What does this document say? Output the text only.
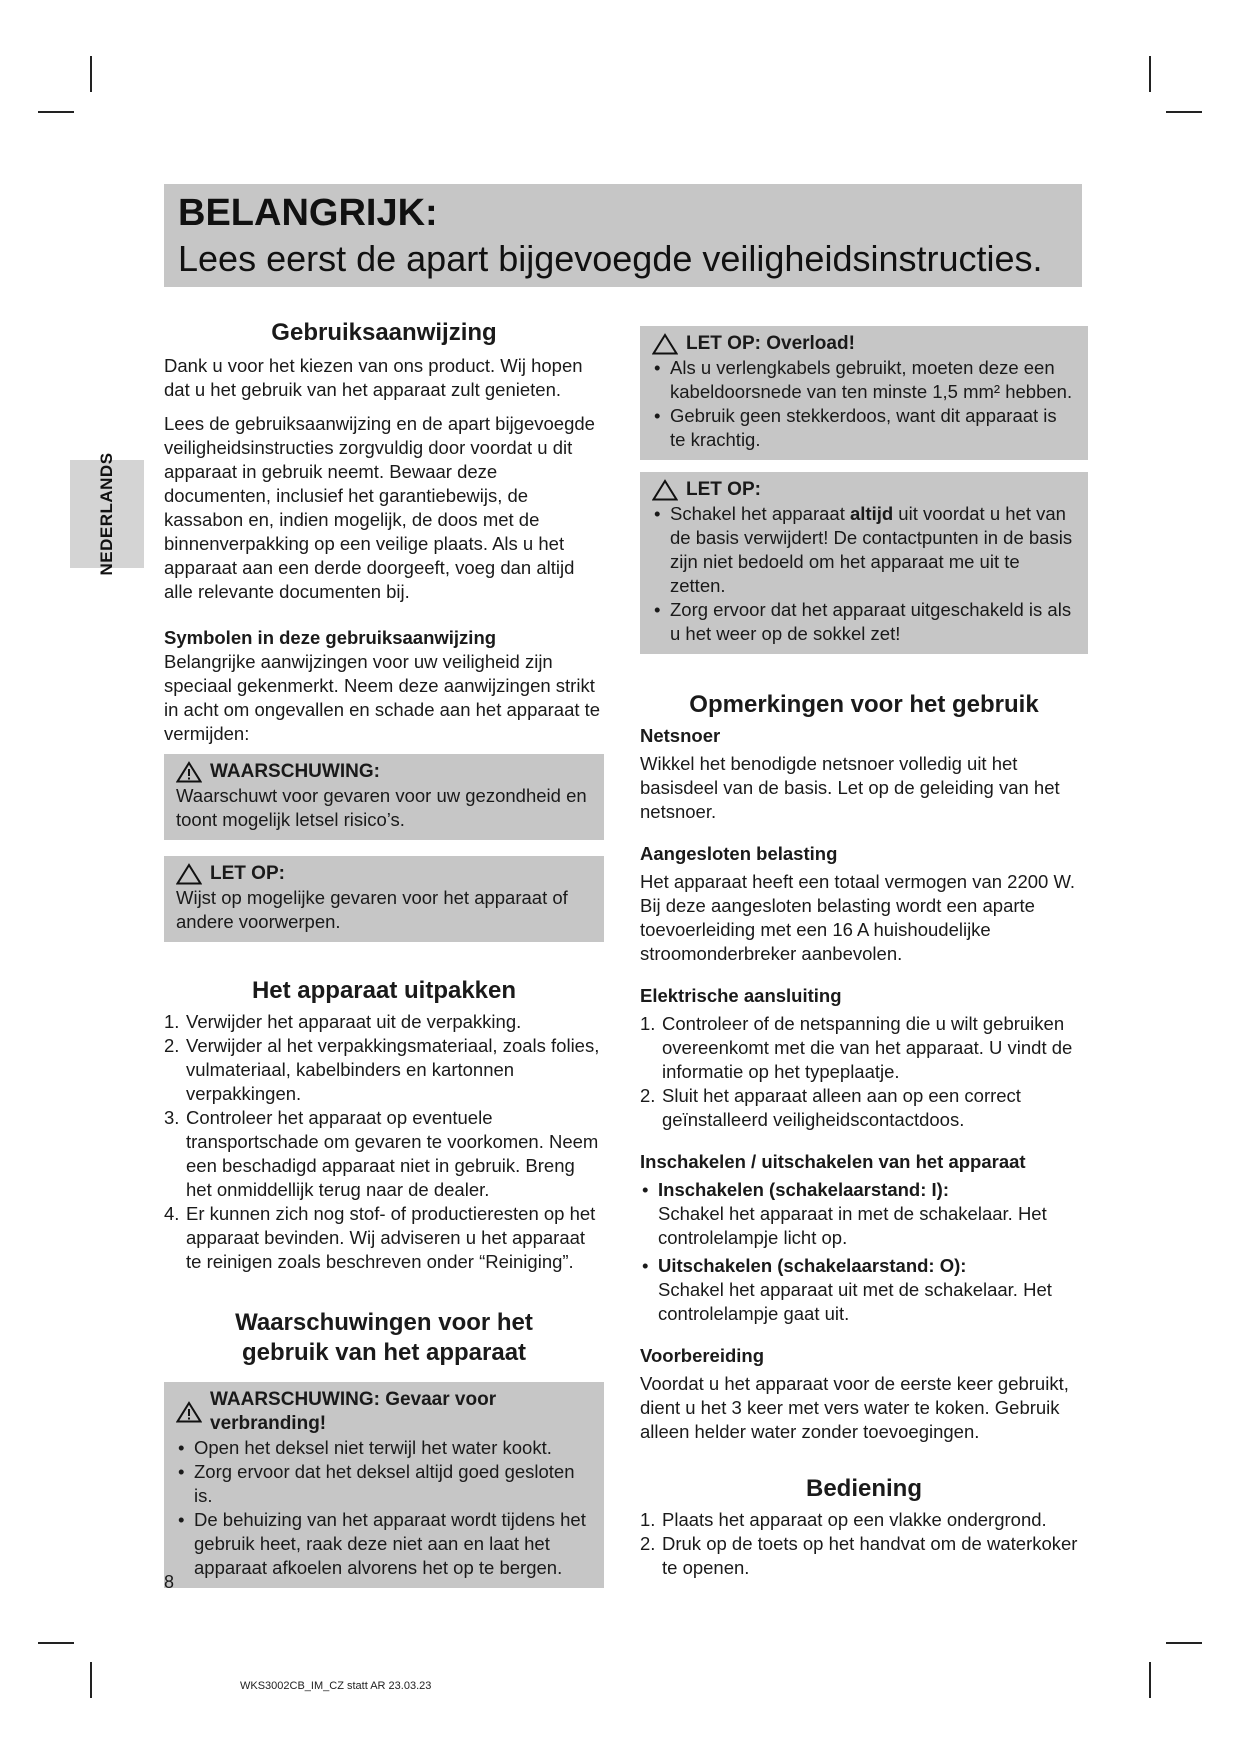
NEDERLANDS
BELANGRIJK:
Lees eerst de apart bijgevoegde veiligheidsinstructies.
Gebruiksaanwijzing

Dank u voor het kiezen van ons product. Wij hopen dat u het gebruik van het apparaat zult genieten.

Lees de gebruiksaanwijzing en de apart bijgevoegde veiligheidsinstructies zorgvuldig door voordat u dit apparaat in gebruik neemt. Bewaar deze documenten, inclusief het garantiebewijs, de kassabon en, indien mogelijk, de doos met de binnenverpakking op een veilige plaats. Als u het apparaat aan een derde doorgeeft, voeg dan altijd alle relevante documenten bij.

Symbolen in deze gebruiksaanwijzing

Belangrijke aanwijzingen voor uw veiligheid zijn speciaal gekenmerkt. Neem deze aanwijzingen strikt in acht om ongevallen en schade aan het apparaat te vermijden:

WAARSCHUWING:

Waarschuwt voor gevaren voor uw gezondheid en toont mogelijk letsel risico’s.

LET OP:

Wijst op mogelijke gevaren voor het apparaat of andere voorwerpen.

Het apparaat uitpakken
1. Verwijder het apparaat uit de verpakking.
2. Verwijder al het verpakkingsmateriaal, zoals folies, vulmateriaal, kabelbinders en kartonnen verpakkingen.
3. Controleer het apparaat op eventuele transportschade om gevaren te voorkomen. Neem een beschadigd apparaat niet in gebruik. Breng het onmiddellijk terug naar de dealer.
4. Er kunnen zich nog stof- of productieresten op het apparaat bevinden. Wij adviseren u het apparaat te reinigen zoals beschreven onder “Reiniging”.
Waarschuwingen voor het
gebruik van het apparaat
WAARSCHUWING: Gevaar voor verbranding!
• Open het deksel niet terwijl het water kookt.
• Zorg ervoor dat het deksel altijd goed gesloten is.
• De behuizing van het apparaat wordt tijdens het gebruik heet, raak deze niet aan en laat het apparaat afkoelen alvorens het op te bergen.
LET OP: Overload!
• Als u verlengkabels gebruikt, moeten deze een kabeldoorsnede van ten minste 1,5 mm² hebben.
• Gebruik geen stekkerdoos, want dit apparaat is te krachtig.
LET OP:
• Schakel het apparaat altijd uit voordat u het van de basis verwijdert! De contactpunten in de basis zijn niet bedoeld om het apparaat me uit te zetten.
• Zorg ervoor dat het apparaat uitgeschakeld is als u het weer op de sokkel zet!
Opmerkingen voor het gebruik
Netsnoer

Wikkel het benodigde netsnoer volledig uit het basisdeel van de basis. Let op de geleiding van het netsnoer.

Aangesloten belasting

Het apparaat heeft een totaal vermogen van 2200 W. Bij deze aangesloten belasting wordt een aparte toevoerleiding met een 16 A huishoudelijke stroomonderbreker aanbevolen.

Elektrische aansluiting
1. Controleer of de netspanning die u wilt gebruiken overeenkomt met die van het apparaat. U vindt de informatie op het typeplaatje.
2. Sluit het apparaat alleen aan op een correct geïnstalleerd veiligheidscontactdoos.
Inschakelen / uitschakelen van het apparaat
• Inschakelen (schakelaarstand: I):

Schakel het apparaat in met de schakelaar. Het controlelampje licht op.

• Uitschakelen (schakelaarstand: O):

Schakel het apparaat uit met de schakelaar. Het controlelampje gaat uit.

Voorbereiding

Voordat u het apparaat voor de eerste keer gebruikt, dient u het 3 keer met vers water te koken. Gebruik alleen helder water zonder toevoegingen.

Bediening
1. Plaats het apparaat op een vlakke ondergrond.
2. Druk op de toets op het handvat om de waterkoker te openen.
8
WKS3002CB_IM_CZ statt AR 23.03.23
